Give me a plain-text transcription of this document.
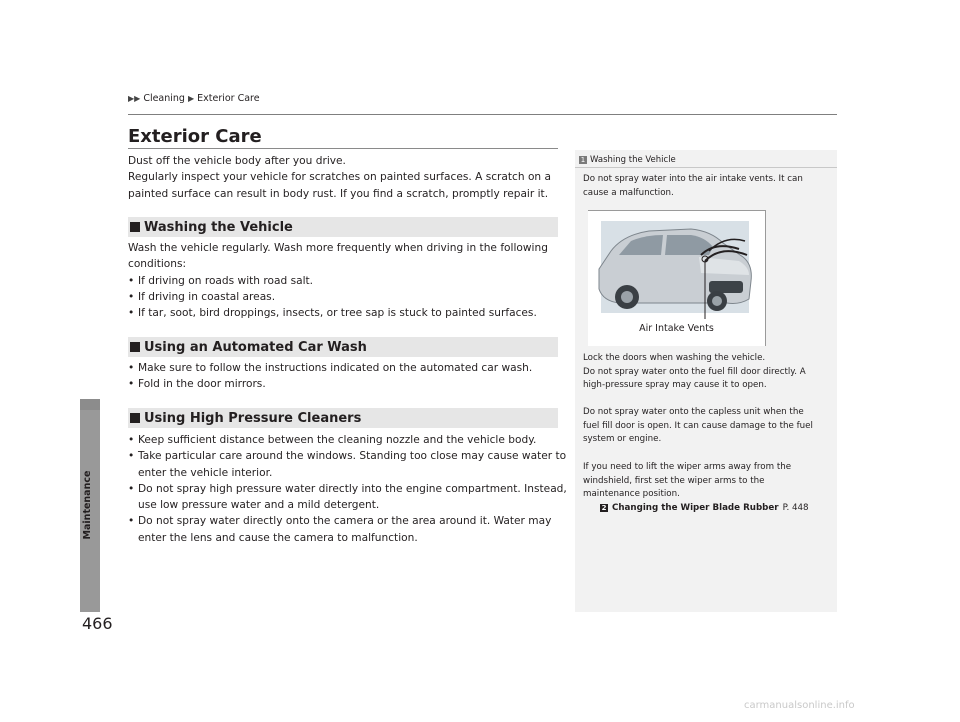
▶▶ Cleaning ▶ Exterior Care
Maintenance
466
Exterior Care

Dust off the vehicle body after you drive.

Regularly inspect your vehicle for scratches on painted surfaces. A scratch on a

painted surface can result in body rust. If you find a scratch, promptly repair it.

Washing the Vehicle

Wash the vehicle regularly. Wash more frequently when driving in the following

conditions:

• If driving on roads with road salt.
• If driving in coastal areas.
• If tar, soot, bird droppings, insects, or tree sap is stuck to painted surfaces.
Using an Automated Car Wash
• Make sure to follow the instructions indicated on the automated car wash.
• Fold in the door mirrors.
Using High Pressure Cleaners
• Keep sufficient distance between the cleaning nozzle and the vehicle body.
• Take particular care around the windows. Standing too close may cause water to
enter the vehicle interior.
• Do not spray high pressure water directly into the engine compartment. Instead,
use low pressure water and a mild detergent.
• Do not spray water directly onto the camera or the area around it. Water may
enter the lens and cause the camera to malfunction.
1 Washing the Vehicle

Do not spray water into the air intake vents. It can

cause a malfunction.

Air Intake Vents

Lock the doors when washing the vehicle.

Do not spray water onto the fuel fill door directly. A

high-pressure spray may cause it to open.

Do not spray water onto the capless unit when the

fuel fill door is open. It can cause damage to the fuel

system or engine.

If you need to lift the wiper arms away from the

windshield, first set the wiper arms to the

maintenance position.

2 Changing the Wiper Blade Rubber P. 448
carmanualsonline.info
